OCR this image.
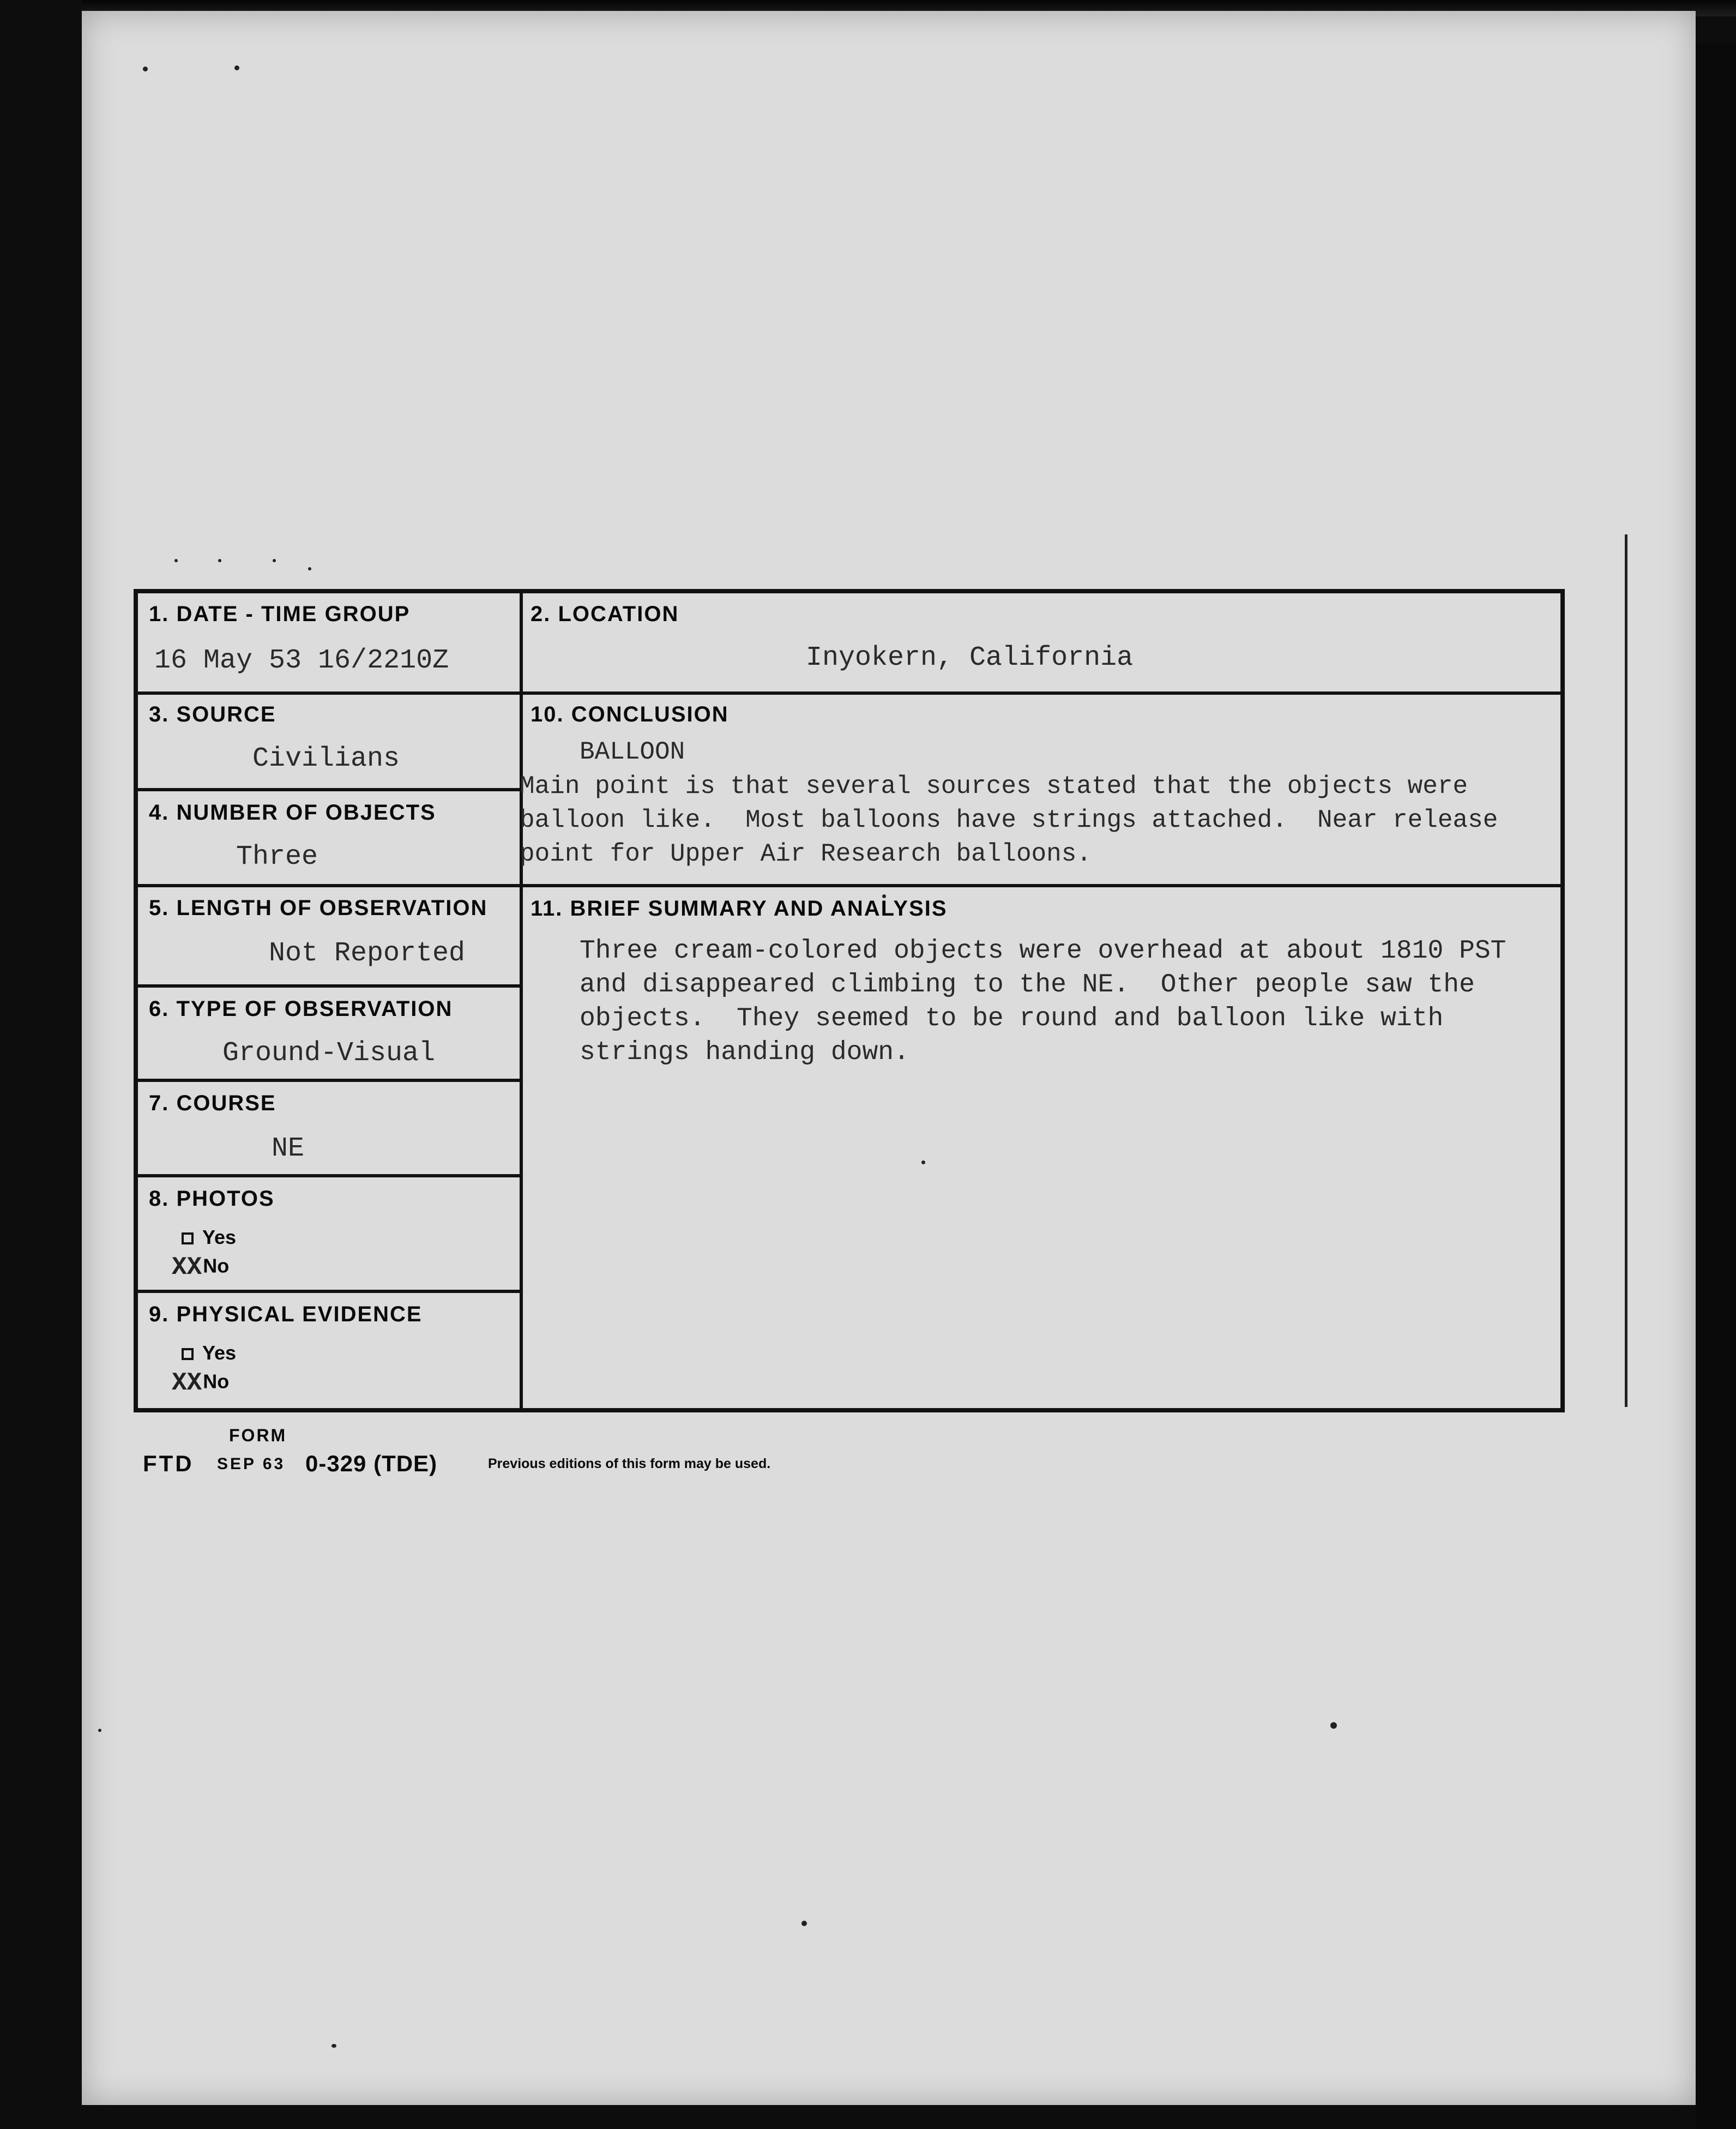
1. DATE - TIME GROUP
16 May 53 16/2210Z
2. LOCATION
Inyokern, California
3. SOURCE
Civilians
4. NUMBER OF OBJECTS
Three
5. LENGTH OF OBSERVATION
Not Reported
6. TYPE OF OBSERVATION
Ground-Visual
7. COURSE
NE
8. PHOTOS
Yes
XXNo
9. PHYSICAL EVIDENCE
Yes
XXNo
10. CONCLUSION
BALLOON
Main point is that several sources stated that the objects were
balloon like.  Most balloons have strings attached.  Near release
point for Upper Air Research balloons.
11. BRIEF SUMMARY AND ANALYSIS
Three cream-colored objects were overhead at about 1810 PST
and disappeared climbing to the NE.  Other people saw the
objects.  They seemed to be round and balloon like with
strings handing down.
FORM
FTD SEP 63 0-329 (TDE)	Previous editions of this form may be used.
